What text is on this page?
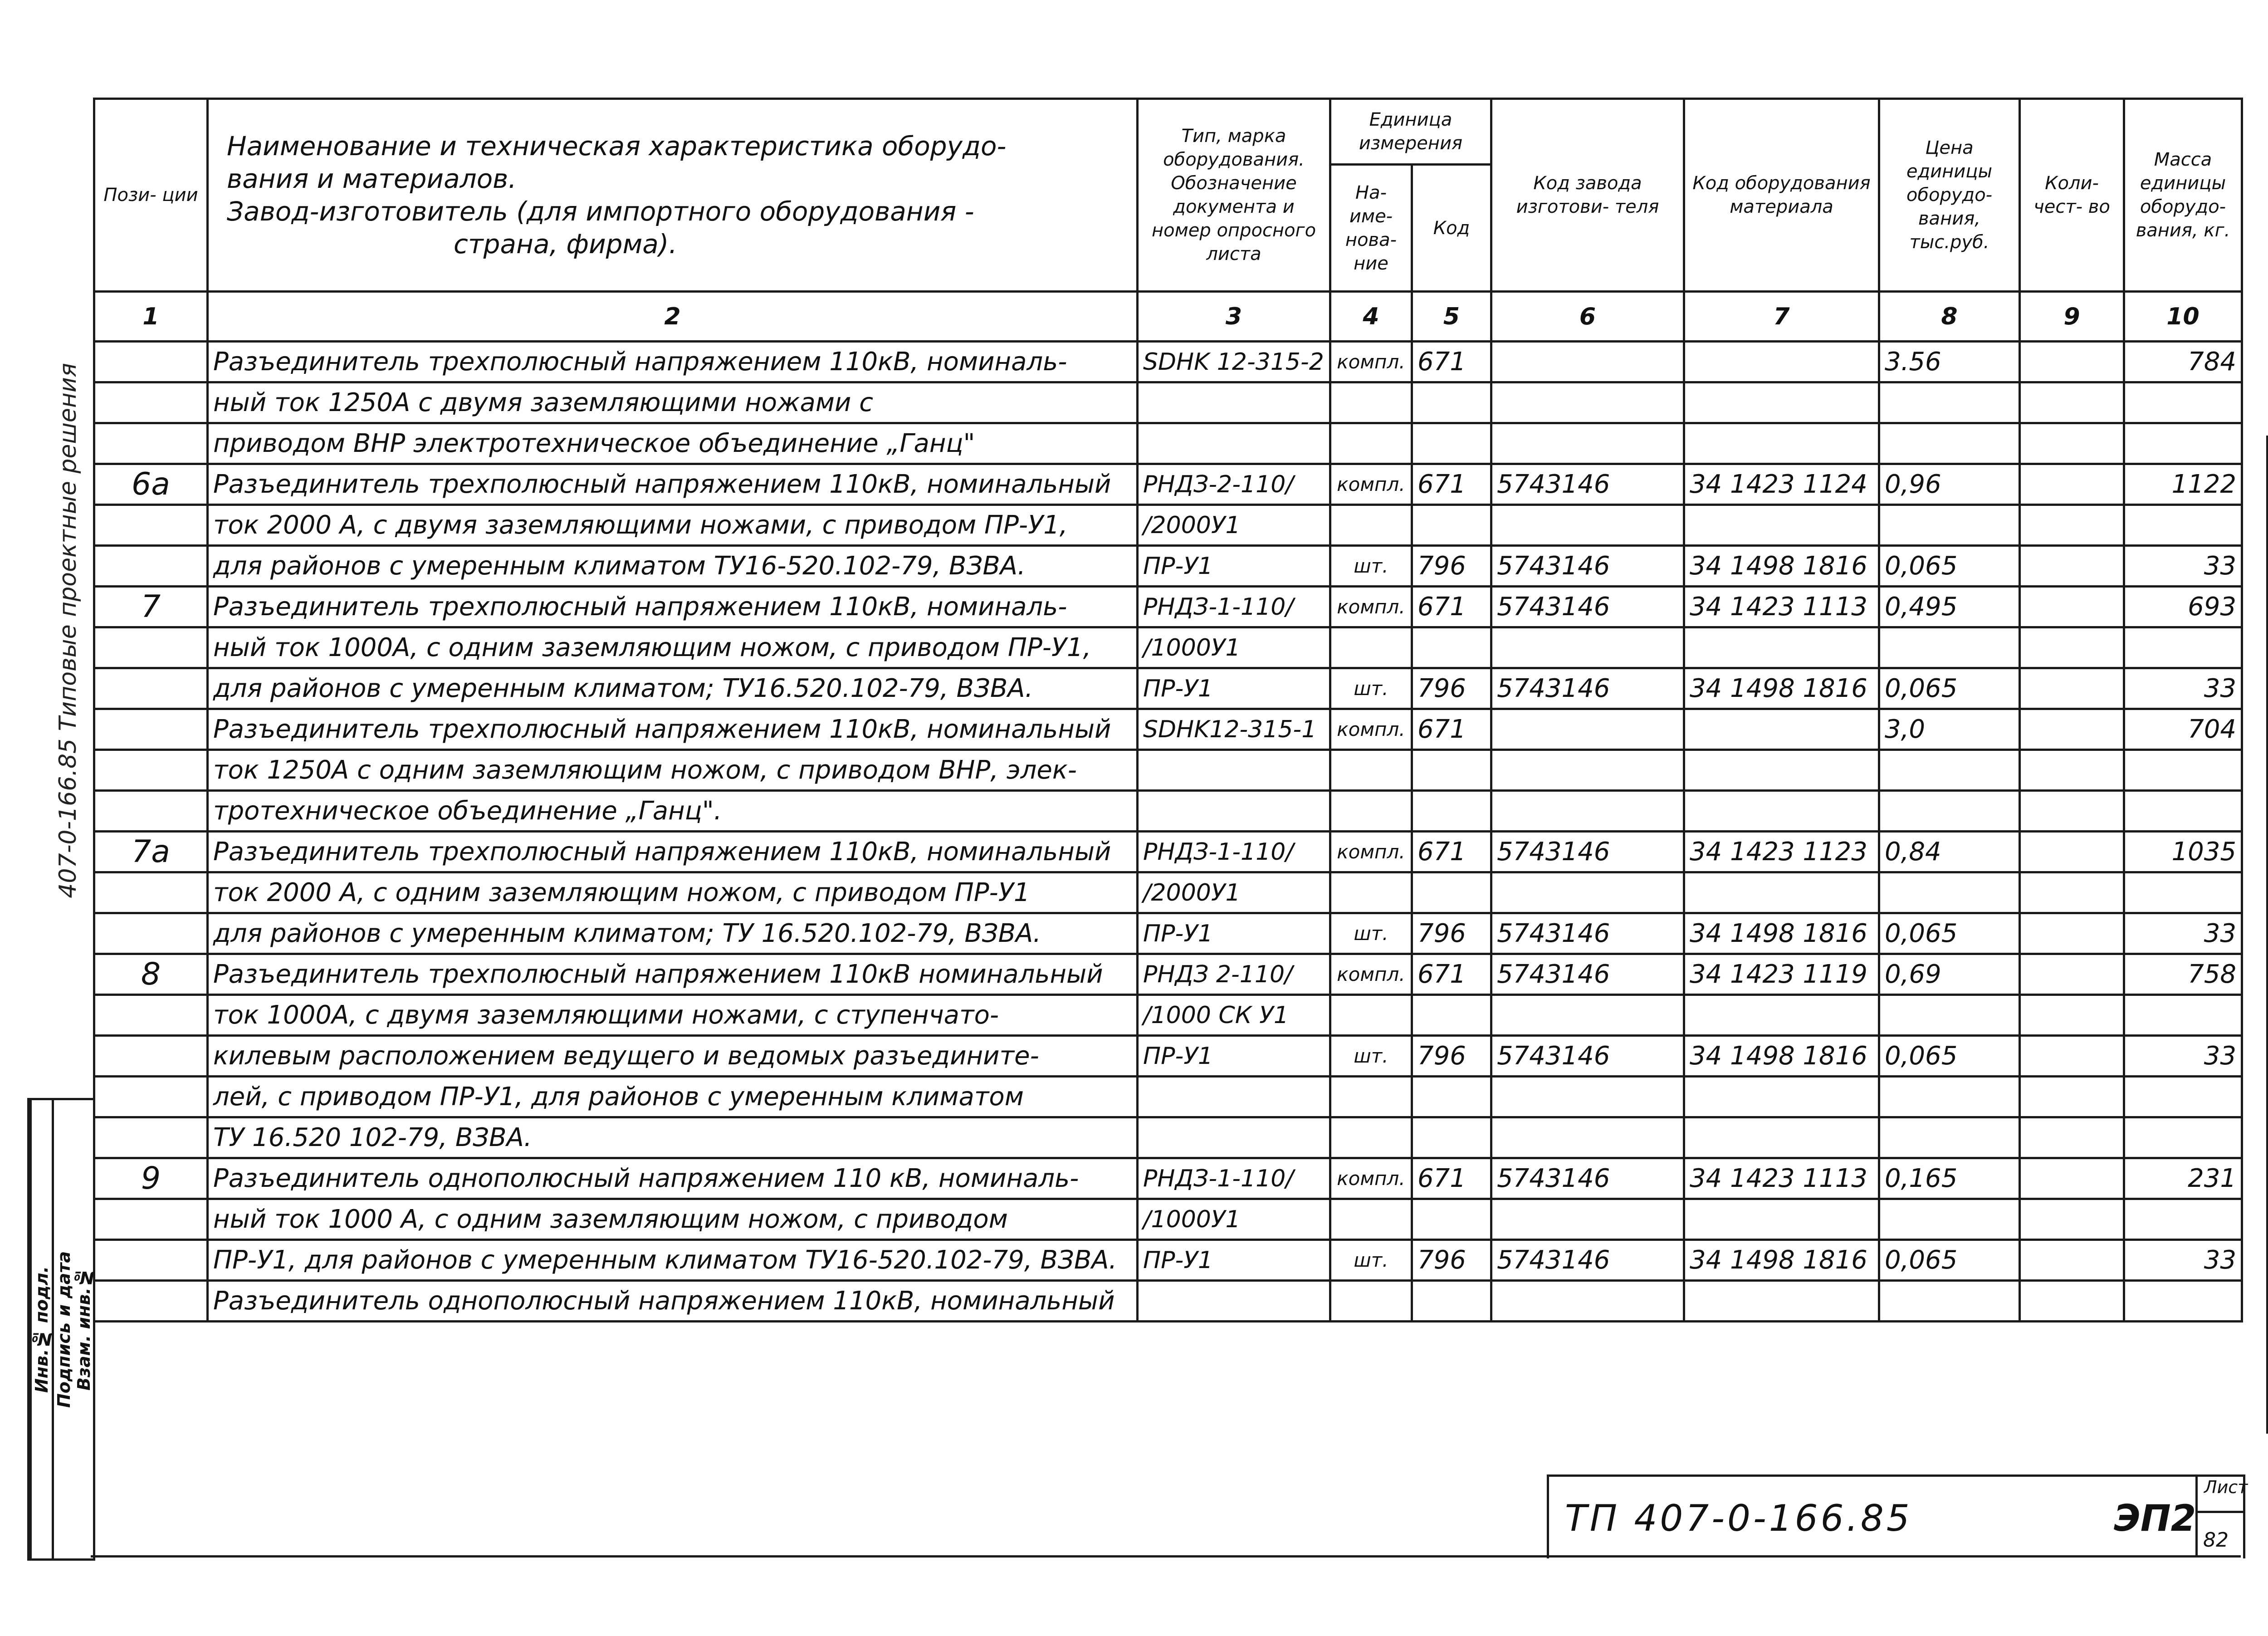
Пози- ции	Наименование и техническая характеристика оборудо-
вания и материалов.
Завод-изготовитель (для импортного оборудования -
страна, фирма).	Тип, марка оборудования. Обозначение документа и номер опросного листа	Единица измерения		Код завода изготови- теля	Код оборудования материала	Цена единицы оборудо- вания, тыс.руб.	Коли- чест- во	Масса единицы оборудо- вания, кг.
			На- име- нова- ние	Код					
1	2	3	4	5	6	7	8	9	10
	Разъединитель трехполюсный напряжением 110кВ, номиналь-	SDHK 12-315-2	компл.	671			3.56		784
	ный ток 1250А с двумя заземляющими ножами с								
	приводом ВНР электротехническое объединение „Ганц"								
6а	Разъединитель трехполюсный напряжением 110кВ, номинальный	РНДЗ-2-110/	компл.	671	5743146	34 1423 1124	0,96		1122
	ток 2000 А, с двумя заземляющими ножами, с приводом ПР-У1,	/2000У1							
	для районов с умеренным климатом ТУ16-520.102-79, ВЗВА.	ПР-У1	шт.	796	5743146	34 1498 1816	0,065		33
7	Разъединитель трехполюсный напряжением 110кВ, номиналь-	РНДЗ-1-110/	компл.	671	5743146	34 1423 1113	0,495		693
	ный ток 1000А, с одним заземляющим ножом, с приводом ПР-У1,	/1000У1							
	для районов с умеренным климатом; ТУ16.520.102-79, ВЗВА.	ПР-У1	шт.	796	5743146	34 1498 1816	0,065		33
	Разъединитель трехполюсный напряжением 110кВ, номинальный	SDHK12-315-1	компл.	671			3,0		704
	ток 1250А с одним заземляющим ножом, с приводом ВНР, элек-								
	тротехническое объединение „Ганц".								
7а	Разъединитель трехполюсный напряжением 110кВ, номинальный	РНДЗ-1-110/	компл.	671	5743146	34 1423 1123	0,84		1035
	ток 2000 А, с одним заземляющим ножом, с приводом ПР-У1	/2000У1							
	для районов с умеренным климатом; ТУ 16.520.102-79, ВЗВА.	ПР-У1	шт.	796	5743146	34 1498 1816	0,065		33
8	Разъединитель трехполюсный напряжением 110кВ номинальный	РНДЗ 2-110/	компл.	671	5743146	34 1423 1119	0,69		758
	ток 1000А, с двумя заземляющими ножами, с ступенчато-	/1000 СК У1							
	килевым расположением ведущего и ведомых разъедините-	ПР-У1	шт.	796	5743146	34 1498 1816	0,065		33
	лей, с приводом ПР-У1, для районов с умеренным климатом								
	ТУ 16.520 102-79, ВЗВА.								
9	Разъединитель однополюсный напряжением 110 кВ, номиналь-	РНДЗ-1-110/	компл.	671	5743146	34 1423 1113	0,165		231
	ный ток 1000 А, с одним заземляющим ножом, с приводом	/1000У1							
	ПР-У1, для районов с умеренным климатом ТУ16-520.102-79, ВЗВА.	ПР-У1	шт.	796	5743146	34 1498 1816	0,065		33
	Разъединитель однополюсный напряжением 110кВ, номинальный								
407-0-166.85 Типовые проектные решения
Инв.№ подл. Подпись и дата Взам. инв.№
ТП 407-0-166.85	ЭП2
Лист
82
